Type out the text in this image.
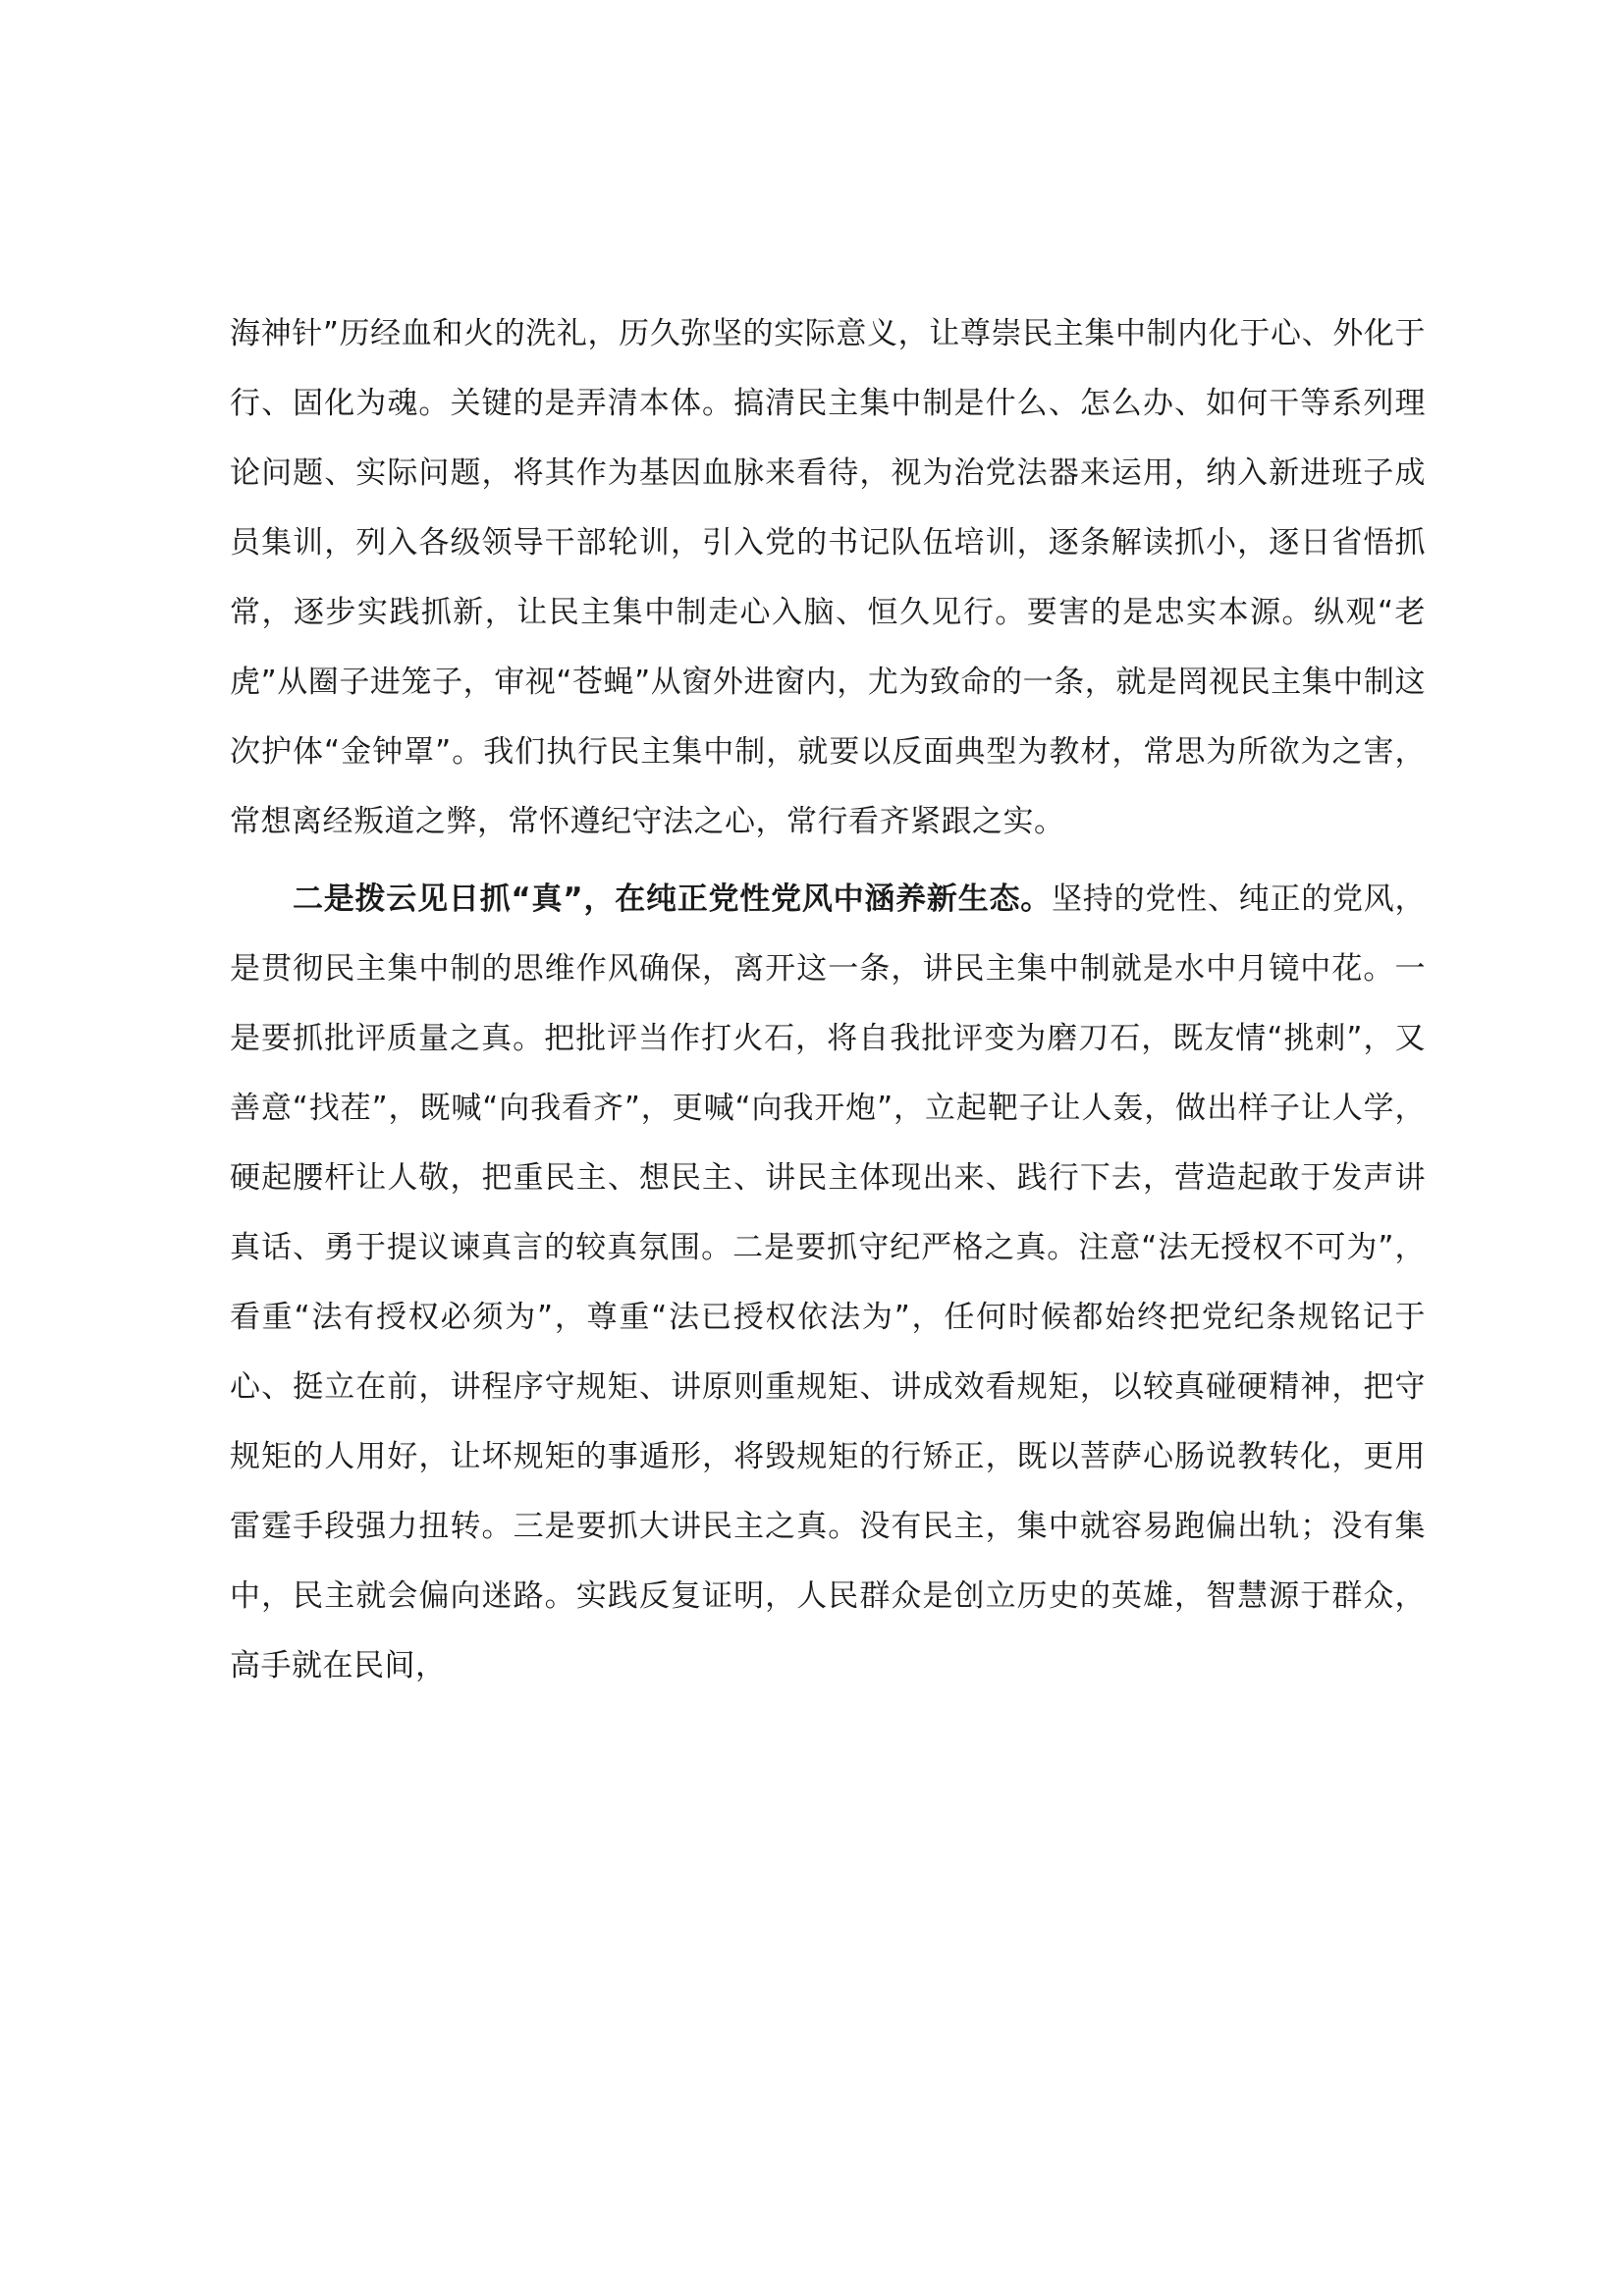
海神针”历经血和火的洗礼，历久弥坚的实际意义，让尊崇民主集中制内化于心、外化于行、固化为魂。关键的是弄清本体。搞清民主集中制是什么、怎么办、如何干等系列理论问题、实际问题，将其作为基因血脉来看待，视为治党法器来运用，纳入新进班子成员集训，列入各级领导干部轮训，引入党的书记队伍培训，逐条解读抓小，逐日省悟抓常，逐步实践抓新，让民主集中制走心入脑、恒久见行。要害的是忠实本源。纵观“老虎”从圈子进笼子，审视“苍蝇”从窗外进窗内，尤为致命的一条，就是罔视民主集中制这次护体“金钟罩”。我们执行民主集中制，就要以反面典型为教材，常思为所欲为之害，常想离经叛道之弊，常怀遵纪守法之心，常行看齐紧跟之实。

二是拨云见日抓“真”，在纯正党性党风中涵养新生态。坚持的党性、纯正的党风，是贯彻民主集中制的思维作风确保，离开这一条，讲民主集中制就是水中月镜中花。一是要抓批评质量之真。把批评当作打火石，将自我批评变为磨刀石，既友情“挑刺”，又善意“找茬”，既喊“向我看齐”，更喊“向我开炮”，立起靶子让人轰，做出样子让人学，硬起腰杆让人敬，把重民主、想民主、讲民主体现出来、践行下去，营造起敢于发声讲真话、勇于提议谏真言的较真氛围。二是要抓守纪严格之真。注意“法无授权不可为”，看重“法有授权必须为”，尊重“法已授权依法为”，任何时候都始终把党纪条规铭记于心、挺立在前，讲程序守规矩、讲原则重规矩、讲成效看规矩，以较真碰硬精神，把守规矩的人用好，让坏规矩的事遁形，将毁规矩的行矫正，既以菩萨心肠说教转化，更用雷霆手段强力扭转。三是要抓大讲民主之真。没有民主，集中就容易跑偏出轨；没有集中，民主就会偏向迷路。实践反复证明，人民群众是创立历史的英雄，智慧源于群众，高手就在民间，
